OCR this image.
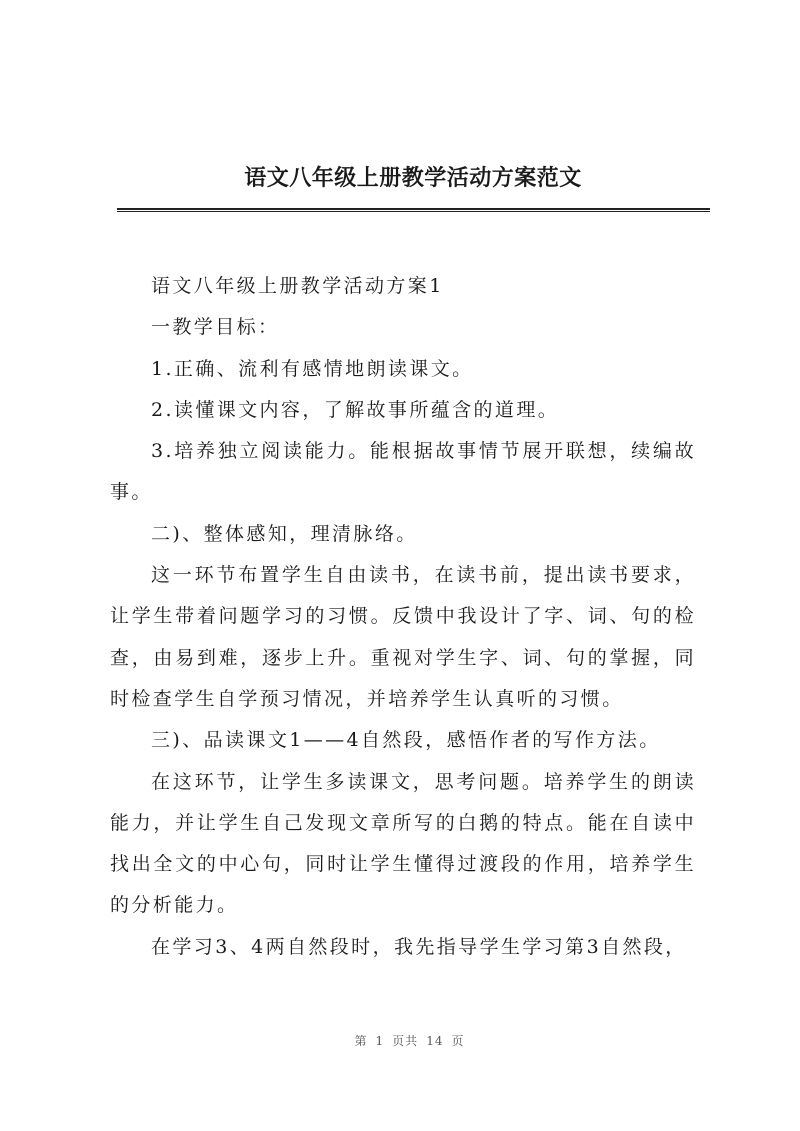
语文八年级上册教学活动方案范文

语文八年级上册教学活动方案1

一教学目标：

1.正确、流利有感情地朗读课文。

2.读懂课文内容，了解故事所蕴含的道理。

3.培养独立阅读能力。能根据故事情节展开联想，续编故事。

二)、整体感知，理清脉络。

这一环节布置学生自由读书，在读书前，提出读书要求，让学生带着问题学习的习惯。反馈中我设计了字、词、句的检查，由易到难，逐步上升。重视对学生字、词、句的掌握，同时检查学生自学预习情况，并培养学生认真听的习惯。

三)、品读课文1——4自然段，感悟作者的写作方法。

在这环节，让学生多读课文，思考问题。培养学生的朗读能力，并让学生自己发现文章所写的白鹅的特点。能在自读中找出全文的中心句，同时让学生懂得过渡段的作用，培养学生的分析能力。

在学习3、4两自然段时，我先指导学生学习第3自然段，

第 1 页共 14 页
